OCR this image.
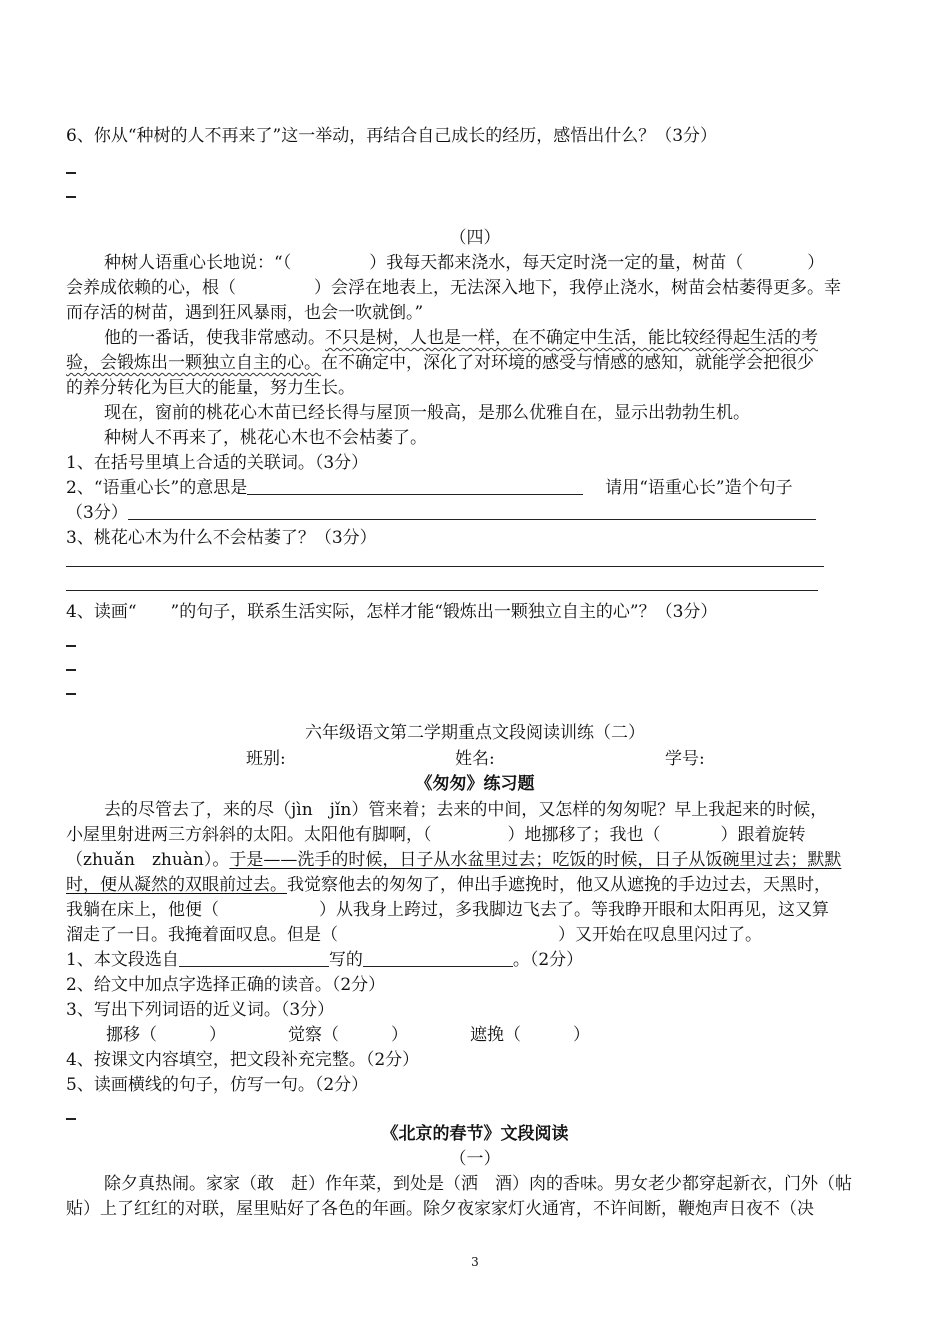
6、你从“种树的人不再来了”这一举动，再结合自己成长的经历，感悟出什么？（3分）
（四）
种树人语重心长地说：“（	）我每天都来浇水，每天定时浇一定的量，树苗（	）
会养成依赖的心，根（	）会浮在地表上，无法深入地下，我停止浇水，树苗会枯萎得更多。幸
而存活的树苗，遇到狂风暴雨，也会一吹就倒。”
他的一番话，使我非常感动。不只是树，人也是一样，在不确定中生活，能比较经得起生活的考
验，会锻炼出一颗独立自主的心。在不确定中，深化了对环境的感受与情感的感知，就能学会把很少
的养分转化为巨大的能量，努力生长。
现在，窗前的桃花心木苗已经长得与屋顶一般高，是那么优雅自在，显示出勃勃生机。
种树人不再来了，桃花心木也不会枯萎了。
1、在括号里填上合适的关联词。（3分）
2、“语重心长”的意思是	请用“语重心长”造个句子
（3分）
3、桃花心木为什么不会枯萎了？（3分）
4、读画“ ”的句子，联系生活实际，怎样才能“锻炼出一颗独立自主的心”？（3分）
六年级语文第二学期重点文段阅读训练（二）
班别:	姓名:	学号:
《匆匆》练习题
去的尽管去了，来的尽（jìn　jǐn）管来着；去来的中间，又怎样的匆匆呢？早上我起来的时候，
小屋里射进两三方斜斜的太阳。太阳他有脚啊，（	）地挪移了；我也（	）跟着旋转
（zhuǎn　zhuàn）。于是——洗手的时候，日子从水盆里过去；吃饭的时候，日子从饭碗里过去；默默
时，便从凝然的双眼前过去。我觉察他去的匆匆了，伸出手遮挽时，他又从遮挽的手边过去，天黑时，
我躺在床上，他便（	）从我身上跨过，多我脚边飞去了。等我睁开眼和太阳再见，这又算
溜走了一日。我掩着面叹息。但是（	）又开始在叹息里闪过了。
1、本文段选自	写的	。（2分）
2、给文中加点字选择正确的读音。（2分）
3、写出下列词语的近义词。（3分）
挪移（	）	觉察（	）	遮挽（	）
4、按课文内容填空，把文段补充完整。（2分）
5、读画横线的句子，仿写一句。（2分）
《北京的春节》文段阅读
（一）
除夕真热闹。家家（敢　赶）作年菜，到处是（洒　酒）肉的香味。男女老少都穿起新衣，门外（帖
贴）上了红红的对联，屋里贴好了各色的年画。除夕夜家家灯火通宵，不许间断，鞭炮声日夜不（决
3
